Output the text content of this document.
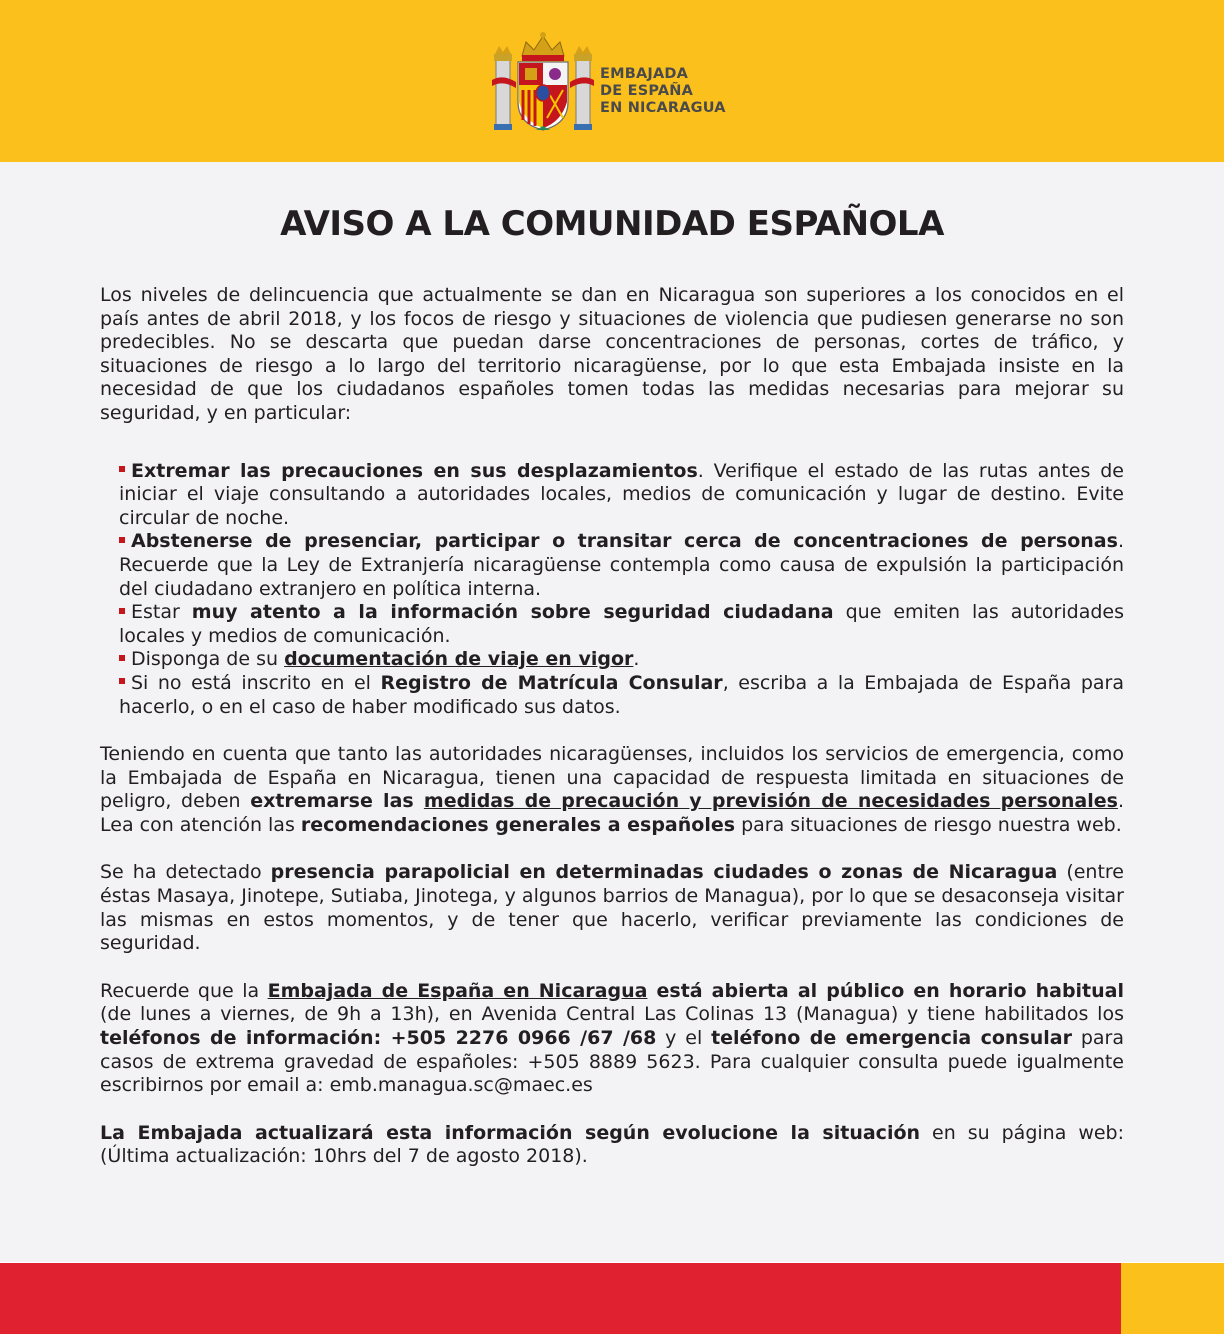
EMBAJADA
DE ESPAÑA
EN NICARAGUA
AVISO A LA COMUNIDAD ESPAÑOLA

Los niveles de delincuencia que actualmente se dan en Nicaragua son superiores a los conocidos en el país antes de abril 2018, y los focos de riesgo y situaciones de violencia que pudiesen generarse no son predecibles. No se descarta que puedan darse concentraciones de personas, cortes de tráfico, y situaciones de riesgo a lo largo del territorio nicaragüense, por lo que esta Embajada insiste en la necesidad de que los ciudadanos españoles tomen todas las medidas necesarias para mejorar su seguridad, y en particular:

Extremar las precauciones en sus desplazamientos. Verifique el estado de las rutas antes de iniciar el viaje consultando a autoridades locales, medios de comunicación y lugar de destino. Evite circular de noche.
Abstenerse de presenciar, participar o transitar cerca de concentraciones de personas. Recuerde que la Ley de Extranjería nicaragüense contempla como causa de expulsión la participación del ciudadano extranjero en política interna.
Estar muy atento a la información sobre seguridad ciudadana que emiten las autoridades locales y medios de comunicación.
Disponga de su documentación de viaje en vigor.
Si no está inscrito en el Registro de Matrícula Consular, escriba a la Embajada de España para hacerlo, o en el caso de haber modificado sus datos.

Teniendo en cuenta que tanto las autoridades nicaragüenses, incluidos los servicios de emergencia, como la Embajada de España en Nicaragua, tienen una capacidad de respuesta limitada en situaciones de peligro, deben extremarse las medidas de precaución y previsión de necesidades personales. Lea con atención las recomendaciones generales a españoles para situaciones de riesgo nuestra web.

Se ha detectado presencia parapolicial en determinadas ciudades o zonas de Nicaragua (entre éstas Masaya, Jinotepe, Sutiaba, Jinotega, y algunos barrios de Managua), por lo que se desaconseja visitar las mismas en estos momentos, y de tener que hacerlo, verificar previamente las condiciones de seguridad.

Recuerde que la Embajada de España en Nicaragua está abierta al público en horario habitual (de lunes a viernes, de 9h a 13h), en Avenida Central Las Colinas 13 (Managua) y tiene habilitados los teléfonos de información: +505 2276 0966 /67 /68 y el teléfono de emergencia consular para casos de extrema gravedad de españoles: +505 8889 5623. Para cualquier consulta puede igualmente escribirnos por email a: emb.managua.sc@maec.es

La Embajada actualizará esta información según evolucione la situación en su página web: (Última actualización: 10hrs del 7 de agosto 2018).
